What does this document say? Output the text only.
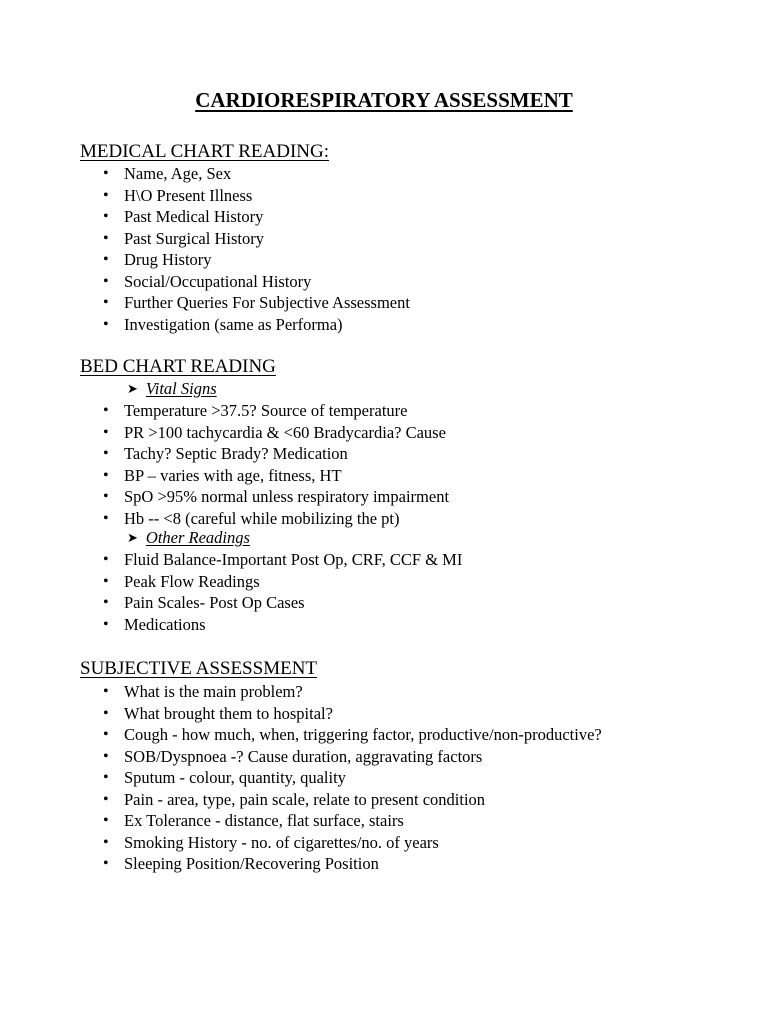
CARDIORESPIRATORY ASSESSMENT
MEDICAL CHART READING:
• Name, Age, Sex
• H\O Present Illness
• Past Medical History
• Past Surgical History
• Drug History
• Social/Occupational History
• Further Queries For Subjective Assessment
• Investigation (same as Performa)
BED CHART READING
➤ Vital Signs
• Temperature >37.5? Source of temperature
• PR >100 tachycardia & <60 Bradycardia? Cause
• Tachy? Septic Brady? Medication
• BP – varies with age, fitness, HT
• SpO >95% normal unless respiratory impairment
• Hb -- <8 (careful while mobilizing the pt)
➤ Other Readings
• Fluid Balance-Important Post Op, CRF, CCF & MI
• Peak Flow Readings
• Pain Scales- Post Op Cases
• Medications
SUBJECTIVE ASSESSMENT
• What is the main problem?
• What brought them to hospital?
• Cough - how much, when, triggering factor, productive/non-productive?
• SOB/Dyspnoea -? Cause duration, aggravating factors
• Sputum - colour, quantity, quality
• Pain - area, type, pain scale, relate to present condition
• Ex Tolerance - distance, flat surface, stairs
• Smoking History - no. of cigarettes/no. of years
• Sleeping Position/Recovering Position
